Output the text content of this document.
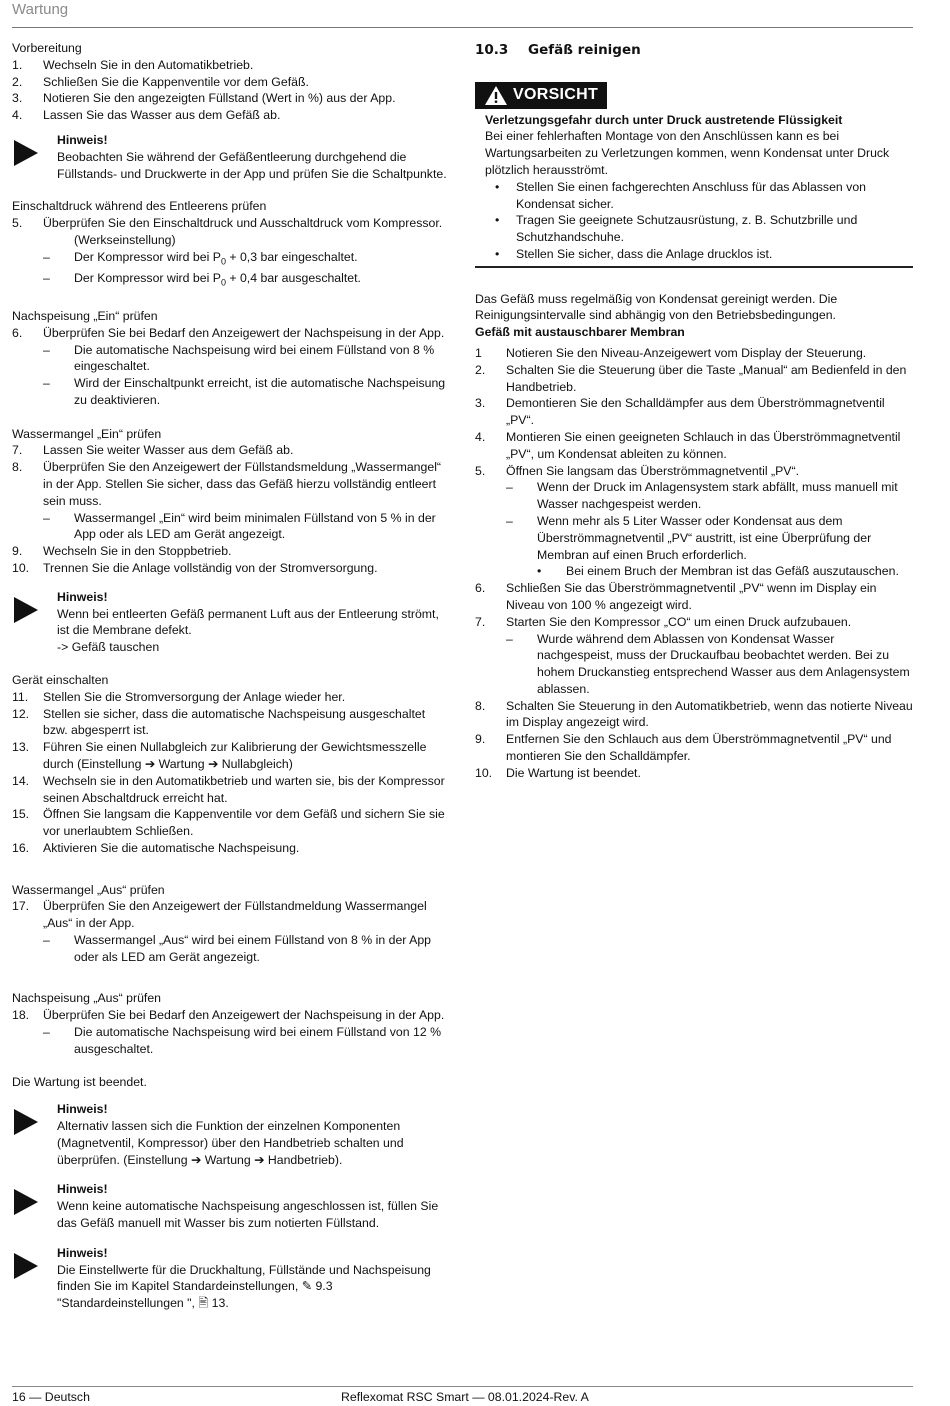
Wartung

Vorbereitung

1.	Wechseln Sie in den Automatikbetrieb.
2.	Schließen Sie die Kappenventile vor dem Gefäß.
3.	Notieren Sie den angezeigten Füllstand (Wert in %) aus der App.
4.	Lassen Sie das Wasser aus dem Gefäß ab.

Hinweis!

Beobachten Sie während der Gefäßentleerung durchgehend die Füllstands- und Druckwerte in der App und prüfen Sie die Schaltpunkte.

Einschaltdruck während des Entleerens prüfen

5.	Überprüfen Sie den Einschaltdruck und Ausschaltdruck vom Kompressor.
(Werkseinstellung)
–	Der Kompressor wird bei $P_0 + 0,3$ bar eingeschaltet.
–	Der Kompressor wird bei $P_0 + 0,4$ bar ausgeschaltet.

Nachspeisung „Ein“ prüfen

6.	Überprüfen Sie bei Bedarf den Anzeigewert der Nachspeisung in der App.
–	Die automatische Nachspeisung wird bei einem Füllstand von 8 % eingeschaltet.
–	Wird der Einschaltpunkt erreicht, ist die automatische Nachspeisung zu deaktivieren.

Wassermangel „Ein“ prüfen

7.	Lassen Sie weiter Wasser aus dem Gefäß ab.
8.	Überprüfen Sie den Anzeigewert der Füllstandsmeldung „Wassermangel“ in der App. Stellen Sie sicher, dass das Gefäß hierzu vollständig entleert sein muss.
–	Wassermangel „Ein“ wird beim minimalen Füllstand von 5 % in der App oder als LED am Gerät angezeigt.
9.	Wechseln Sie in den Stoppbetrieb.
10.	Trennen Sie die Anlage vollständig von der Stromversorgung.

Hinweis!

Wenn bei entleerten Gefäß permanent Luft aus der Entleerung strömt, ist die Membrane defekt.

-> Gefäß tauschen

Gerät einschalten

11.	Stellen Sie die Stromversorgung der Anlage wieder her.
12.	Stellen sie sicher, dass die automatische Nachspeisung ausgeschaltet bzw. abgesperrt ist.
13.	Führen Sie einen Nullabgleich zur Kalibrierung der Gewichtsmesszelle durch (Einstellung ➔ Wartung ➔ Nullabgleich)
14.	Wechseln sie in den Automatikbetrieb und warten sie, bis der Kompressor seinen Abschaltdruck erreicht hat.
15.	Öffnen Sie langsam die Kappenventile vor dem Gefäß und sichern Sie sie vor unerlaubtem Schließen.
16.	Aktivieren Sie die automatische Nachspeisung.

Wassermangel „Aus“ prüfen

17.	Überprüfen Sie den Anzeigewert der Füllstandmeldung Wassermangel „Aus“ in der App.
–	Wassermangel „Aus“ wird bei einem Füllstand von 8 % in der App oder als LED am Gerät angezeigt.

Nachspeisung „Aus“ prüfen

18.	Überprüfen Sie bei Bedarf den Anzeigewert der Nachspeisung in der App.
–	Die automatische Nachspeisung wird bei einem Füllstand von 12 % ausgeschaltet.

Die Wartung ist beendet.

Hinweis!

Alternativ lassen sich die Funktion der einzelnen Komponenten (Magnetventil, Kompressor) über den Handbetrieb schalten und überprüfen. (Einstellung ➔ Wartung ➔ Handbetrieb).

Hinweis!

Wenn keine automatische Nachspeisung angeschlossen ist, füllen Sie das Gefäß manuell mit Wasser bis zum notierten Füllstand.

Hinweis!

Die Einstellwerte für die Druckhaltung, Füllstände und Nachspeisung finden Sie im Kapitel Standardeinstellungen, ✎ 9.3 "Standardeinstellungen ", 🖹 13.

10.3 Gefäß reinigen

VORSICHT

Verletzungsgefahr durch unter Druck austretende Flüssigkeit

Bei einer fehlerhaften Montage von den Anschlüssen kann es bei Wartungsarbeiten zu Verletzungen kommen, wenn Kondensat unter Druck plötzlich herausströmt.

•	Stellen Sie einen fachgerechten Anschluss für das Ablassen von Kondensat sicher.
•	Tragen Sie geeignete Schutzausrüstung, z. B. Schutzbrille und Schutzhandschuhe.
•	Stellen Sie sicher, dass die Anlage drucklos ist.

Das Gefäß muss regelmäßig von Kondensat gereinigt werden. Die Reinigungsintervalle sind abhängig von den Betriebsbedingungen.

Gefäß mit austauschbarer Membran

1	Notieren Sie den Niveau-Anzeigewert vom Display der Steuerung.
2.	Schalten Sie die Steuerung über die Taste „Manual“ am Bedienfeld in den Handbetrieb.
3.	Demontieren Sie den Schalldämpfer aus dem Überströmmagnetventil „PV“.
4.	Montieren Sie einen geeigneten Schlauch in das Überströmmagnetventil „PV“, um Kondensat ableiten zu können.
5.	Öffnen Sie langsam das Überströmmagnetventil „PV“.
–	Wenn der Druck im Anlagensystem stark abfällt, muss manuell mit Wasser nachgespeist werden.
–	Wenn mehr als 5 Liter Wasser oder Kondensat aus dem Überströmmagnetventil „PV“ austritt, ist eine Überprüfung der Membran auf einen Bruch erforderlich.
•	Bei einem Bruch der Membran ist das Gefäß auszutauschen.
6.	Schließen Sie das Überströmmagnetventil „PV“ wenn im Display ein Niveau von 100 % angezeigt wird.
7.	Starten Sie den Kompressor „CO“ um einen Druck aufzubauen.
–	Wurde während dem Ablassen von Kondensat Wasser nachgespeist, muss der Druckaufbau beobachtet werden. Bei zu hohem Druckanstieg entsprechend Wasser aus dem Anlagensystem ablassen.
8.	Schalten Sie Steuerung in den Automatikbetrieb, wenn das notierte Niveau im Display angezeigt wird.
9.	Entfernen Sie den Schlauch aus dem Überströmmagnetventil „PV“ und montieren Sie den Schalldämpfer.
10.	Die Wartung ist beendet.
16 — Deutsch	Reflexomat RSC Smart — 08.01.2024-Rev. A
